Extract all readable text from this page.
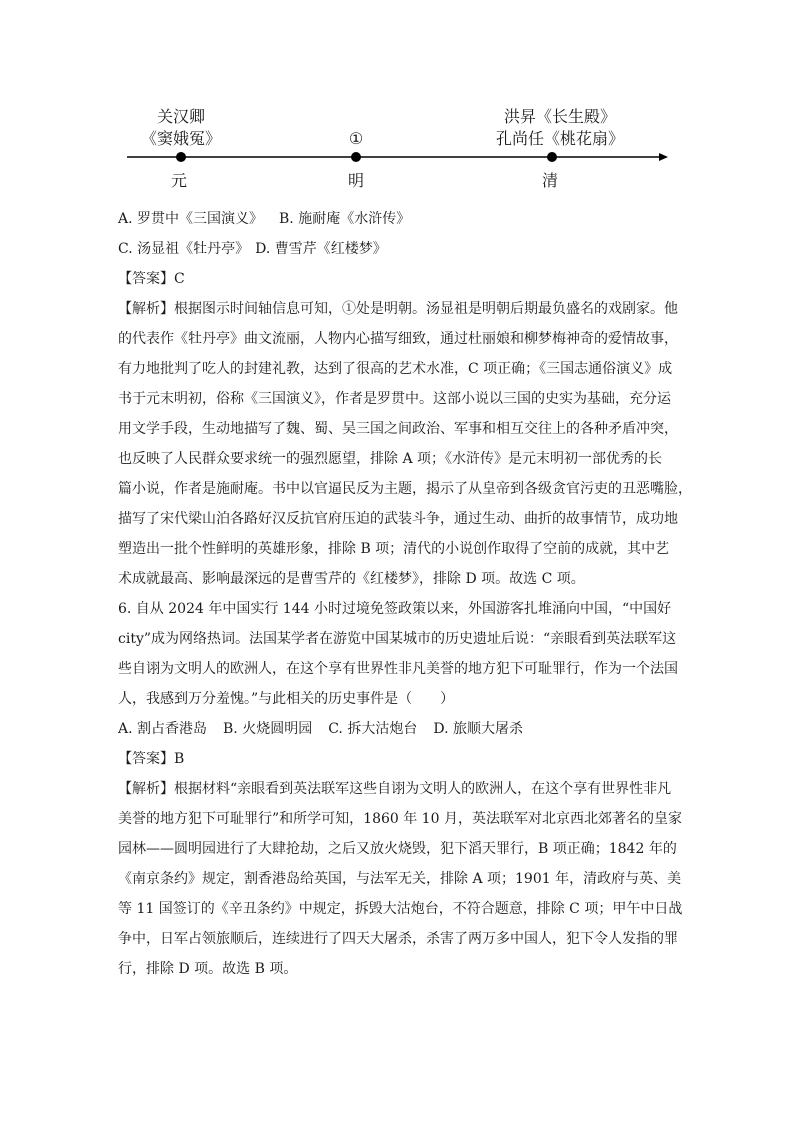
关汉卿
《窦娥冤》	①
洪昇《长生殿》
孔尚任《桃花扇》
元	明	清

A. 罗贯中《三国演义》 B. 施耐庵《水浒传》

C. 汤显祖《牡丹亭》 D. 曹雪芹《红楼梦》

【答案】C

【解析】根据图示时间轴信息可知，①处是明朝。汤显祖是明朝后期最负盛名的戏剧家。他

的代表作《牡丹亭》曲文流丽，人物内心描写细致，通过杜丽娘和柳梦梅神奇的爱情故事，

有力地批判了吃人的封建礼教，达到了很高的艺术水准，C 项正确；《三国志通俗演义》成

书于元末明初，俗称《三国演义》，作者是罗贯中。这部小说以三国的史实为基础，充分运

用文学手段，生动地描写了魏、蜀、吴三国之间政治、军事和相互交往上的各种矛盾冲突，

也反映了人民群众要求统一的强烈愿望，排除 A 项；《水浒传》是元末明初一部优秀的长

篇小说，作者是施耐庵。书中以官逼民反为主题，揭示了从皇帝到各级贪官污吏的丑恶嘴脸，

描写了宋代梁山泊各路好汉反抗官府压迫的武装斗争，通过生动、曲折的故事情节，成功地

塑造出一批个性鲜明的英雄形象，排除 B 项；清代的小说创作取得了空前的成就，其中艺

术成就最高、影响最深远的是曹雪芹的《红楼梦》，排除 D 项。故选 C 项。

6. 自从 2024 年中国实行 144 小时过境免签政策以来，外国游客扎堆涌向中国，“中国好

city”成为网络热词。法国某学者在游览中国某城市的历史遗址后说：“亲眼看到英法联军这

些自诩为文明人的欧洲人，在这个享有世界性非凡美誉的地方犯下可耻罪行，作为一个法国

人，我感到万分羞愧。”与此相关的历史事件是（　　）

A. 割占香港岛 B. 火烧圆明园 C. 拆大沽炮台 D. 旅顺大屠杀

【答案】B

【解析】根据材料“亲眼看到英法联军这些自诩为文明人的欧洲人，在这个享有世界性非凡

美誉的地方犯下可耻罪行”和所学可知，1860 年 10 月，英法联军对北京西北郊著名的皇家

园林——圆明园进行了大肆抢劫，之后又放火烧毁，犯下滔天罪行，B 项正确；1842 年的

《南京条约》规定，割香港岛给英国，与法军无关，排除 A 项；1901 年，清政府与英、美

等 11 国签订的《辛丑条约》中规定，拆毁大沽炮台，不符合题意，排除 C 项；甲午中日战

争中，日军占领旅顺后，连续进行了四天大屠杀，杀害了两万多中国人，犯下令人发指的罪

行，排除 D 项。故选 B 项。
